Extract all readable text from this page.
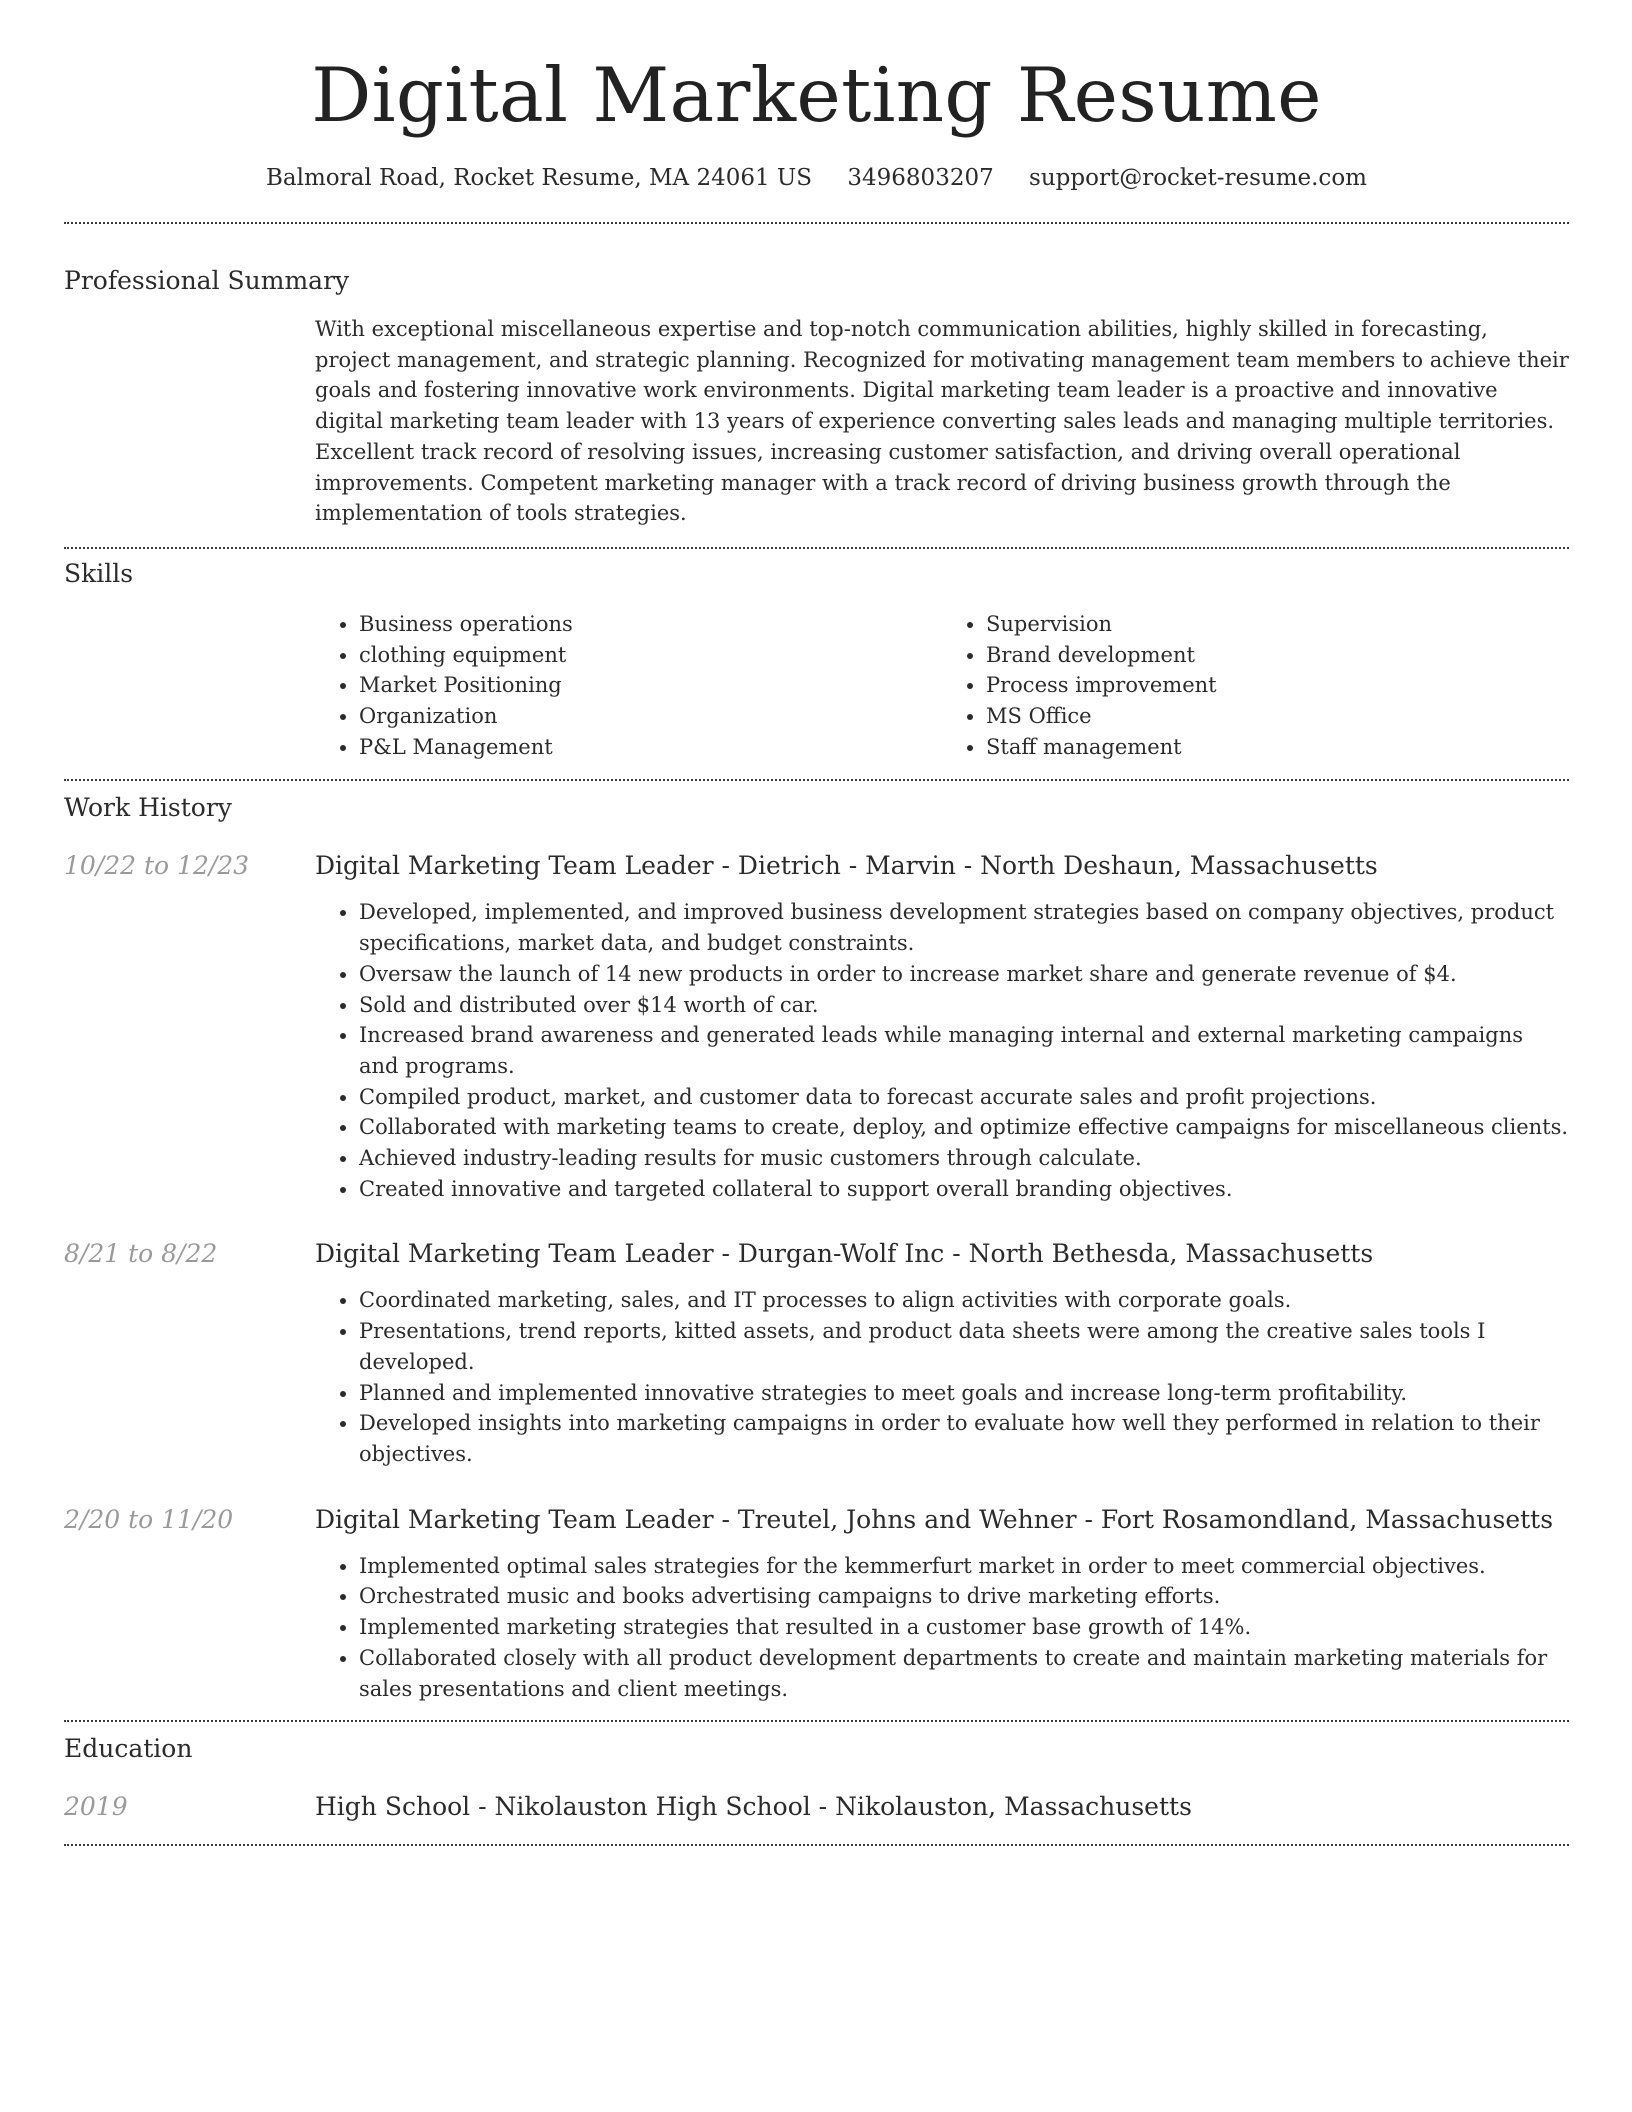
Digital Marketing Resume
Balmoral Road, Rocket Resume, MA 24061 US 3496803207 support@rocket-resume.com
Professional Summary
With exceptional miscellaneous expertise and top-notch communication abilities, highly skilled in forecasting, project management, and strategic planning. Recognized for motivating management team members to achieve their goals and fostering innovative work environments. Digital marketing team leader is a proactive and innovative digital marketing team leader with 13 years of experience converting sales leads and managing multiple territories. Excellent track record of resolving issues, increasing customer satisfaction, and driving overall operational improvements. Competent marketing manager with a track record of driving business growth through the implementation of tools strategies.
Skills
• Business operations
• clothing equipment
• Market Positioning
• Organization
• P&L Management
• Supervision
• Brand development
• Process improvement
• MS Office
• Staff management
Work History
10/22 to 12/23	Digital Marketing Team Leader - Dietrich - Marvin - North Deshaun, Massachusetts
• Developed, implemented, and improved business development strategies based on company objectives, product specifications, market data, and budget constraints.
• Oversaw the launch of 14 new products in order to increase market share and generate revenue of $4.
• Sold and distributed over $14 worth of car.
• Increased brand awareness and generated leads while managing internal and external marketing campaigns and programs.
• Compiled product, market, and customer data to forecast accurate sales and profit projections.
• Collaborated with marketing teams to create, deploy, and optimize effective campaigns for miscellaneous clients.
• Achieved industry-leading results for music customers through calculate.
• Created innovative and targeted collateral to support overall branding objectives.
8/21 to 8/22	Digital Marketing Team Leader - Durgan-Wolf Inc - North Bethesda, Massachusetts
• Coordinated marketing, sales, and IT processes to align activities with corporate goals.
• Presentations, trend reports, kitted assets, and product data sheets were among the creative sales tools I developed.
• Planned and implemented innovative strategies to meet goals and increase long-term profitability.
• Developed insights into marketing campaigns in order to evaluate how well they performed in relation to their objectives.
2/20 to 11/20	Digital Marketing Team Leader - Treutel, Johns and Wehner - Fort Rosamondland, Massachusetts
• Implemented optimal sales strategies for the kemmerfurt market in order to meet commercial objectives.
• Orchestrated music and books advertising campaigns to drive marketing efforts.
• Implemented marketing strategies that resulted in a customer base growth of 14%.
• Collaborated closely with all product development departments to create and maintain marketing materials for sales presentations and client meetings.
Education
2019	High School - Nikolauston High School - Nikolauston, Massachusetts
